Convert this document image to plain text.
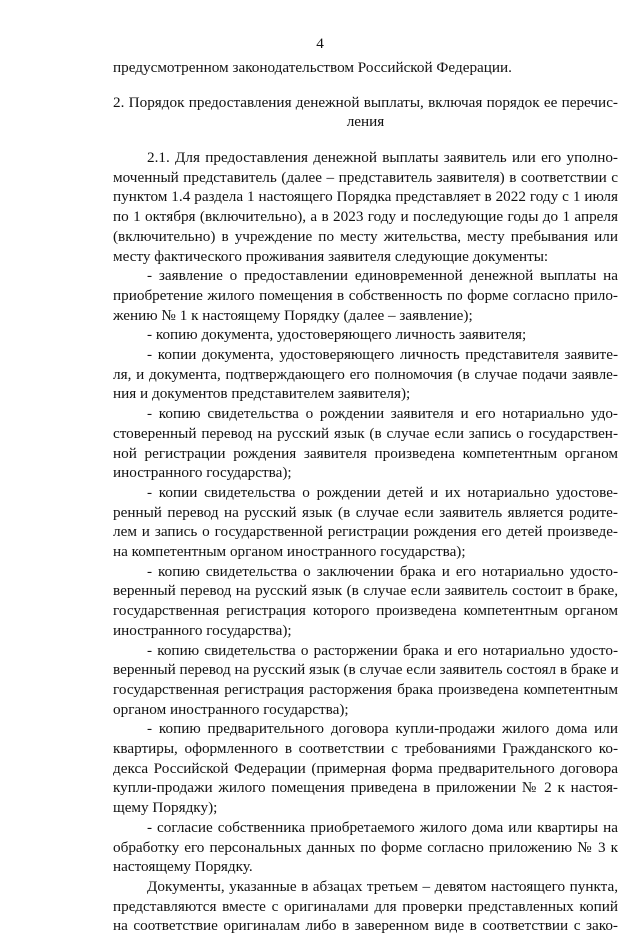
4
предусмотренном законодательством Российской Федерации.
2. Порядок предоставления денежной выплаты, включая порядок ее перечис-
ления
2.1. Для предоставления денежной выплаты заявитель или его уполно-
моченный представитель (далее – представитель заявителя) в соответствии с
пунктом 1.4 раздела 1 настоящего Порядка представляет в 2022 году с 1 июля
по 1 октября (включительно), а в 2023 году и последующие годы до 1 апреля
(включительно) в учреждение по месту жительства, месту пребывания или
месту фактического проживания заявителя следующие документы:
- заявление о предоставлении единовременной денежной выплаты на
приобретение жилого помещения в собственность по форме согласно прило-
жению № 1 к настоящему Порядку (далее – заявление);
- копию документа, удостоверяющего личность заявителя;
- копии документа, удостоверяющего личность представителя заявите-
ля, и документа, подтверждающего его полномочия (в случае подачи заявле-
ния и документов представителем заявителя);
- копию свидетельства о рождении заявителя и его нотариально удо-
стоверенный перевод на русский язык (в случае если запись о государствен-
ной регистрации рождения заявителя произведена компетентным органом
иностранного государства);
- копии свидетельства о рождении детей и их нотариально удостове-
ренный перевод на русский язык (в случае если заявитель является родите-
лем и запись о государственной регистрации рождения его детей произведе-
на компетентным органом иностранного государства);
- копию свидетельства о заключении брака и его нотариально удосто-
веренный перевод на русский язык (в случае если заявитель состоит в браке,
государственная регистрация которого произведена компетентным органом
иностранного государства);
- копию свидетельства о расторжении брака и его нотариально удосто-
веренный перевод на русский язык (в случае если заявитель состоял в браке и
государственная регистрация расторжения брака произведена компетентным
органом иностранного государства);
- копию предварительного договора купли-продажи жилого дома или
квартиры, оформленного в соответствии с требованиями Гражданского ко-
декса Российской Федерации (примерная форма предварительного договора
купли-продажи жилого помещения приведена в приложении № 2 к настоя-
щему Порядку);
- согласие собственника приобретаемого жилого дома или квартиры на
обработку его персональных данных по форме согласно приложению № 3 к
настоящему Порядку.
Документы, указанные в абзацах третьем – девятом настоящего пункта,
представляются вместе с оригиналами для проверки представленных копий
на соответствие оригиналам либо в заверенном виде в соответствии с зако-
